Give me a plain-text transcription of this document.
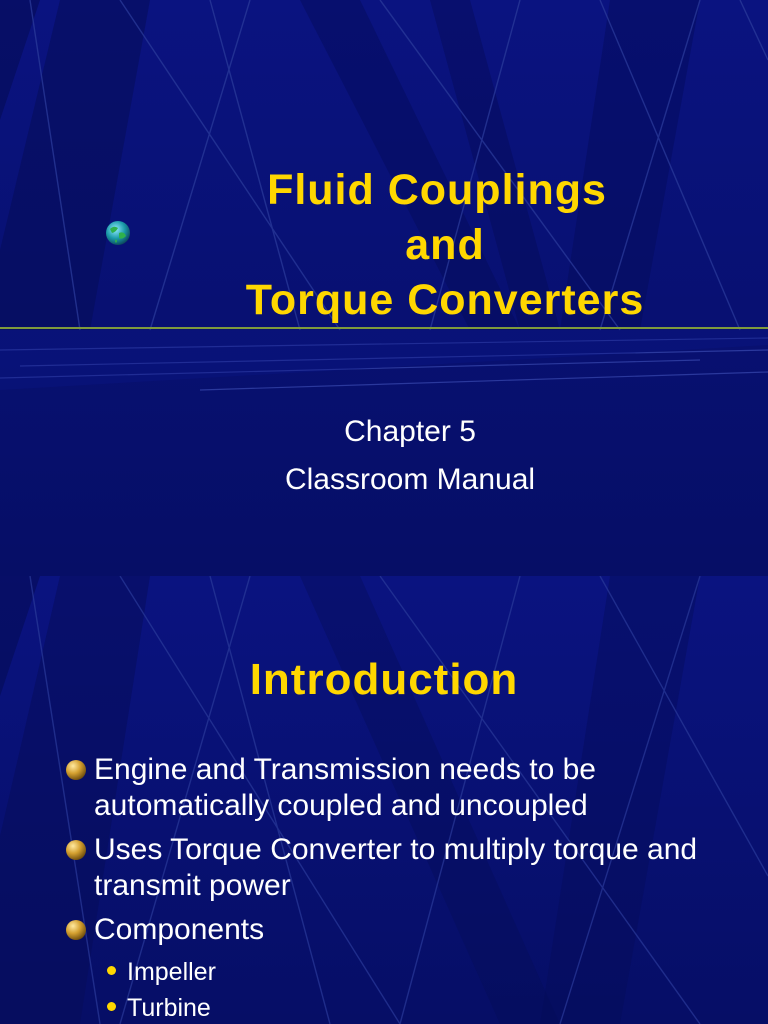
Fluid Couplings
and
Torque Converters
Chapter 5
Classroom Manual
Introduction
Engine and Transmission needs to be automatically coupled and uncoupled
Uses Torque Converter to multiply torque and transmit power
Components
Impeller
Turbine
